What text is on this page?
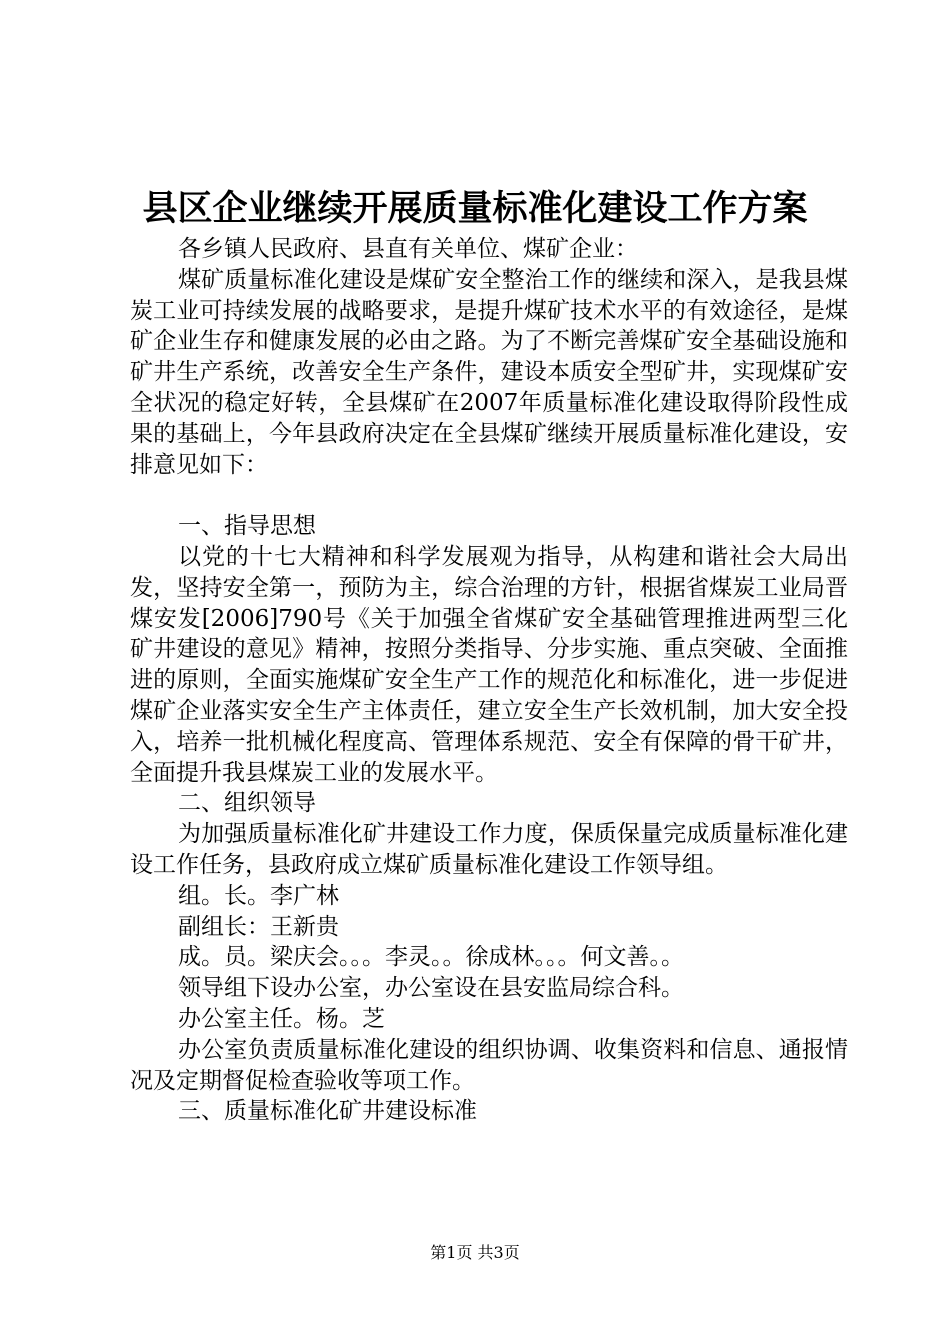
县区企业继续开展质量标准化建设工作方案

各乡镇人民政府、县直有关单位、煤矿企业：

煤矿质量标准化建设是煤矿安全整治工作的继续和深入，是我县煤炭工业可持续发展的战略要求，是提升煤矿技术水平的有效途径，是煤矿企业生存和健康发展的必由之路。为了不断完善煤矿安全基础设施和矿井生产系统，改善安全生产条件，建设本质安全型矿井，实现煤矿安全状况的稳定好转，全县煤矿在2007年质量标准化建设取得阶段性成果的基础上，今年县政府决定在全县煤矿继续开展质量标准化建设，安排意见如下：

一、指导思想

以党的十七大精神和科学发展观为指导，从构建和谐社会大局出发，坚持安全第一，预防为主，综合治理的方针，根据省煤炭工业局晋煤安发[2006]790号《关于加强全省煤矿安全基础管理推进两型三化矿井建设的意见》精神，按照分类指导、分步实施、重点突破、全面推进的原则，全面实施煤矿安全生产工作的规范化和标准化，进一步促进煤矿企业落实安全生产主体责任，建立安全生产长效机制，加大安全投入，培养一批机械化程度高、管理体系规范、安全有保障的骨干矿井，全面提升我县煤炭工业的发展水平。

二、组织领导

为加强质量标准化矿井建设工作力度，保质保量完成质量标准化建设工作任务，县政府成立煤矿质量标准化建设工作领导组。

组。长。李广林

副组长：王新贵

成。员。梁庆会。。。李灵。。徐成林。。。何文善。。

领导组下设办公室，办公室设在县安监局综合科。

办公室主任。杨。芝

办公室负责质量标准化建设的组织协调、收集资料和信息、通报情况及定期督促检查验收等项工作。

三、质量标准化矿井建设标准

第1页 共3页
